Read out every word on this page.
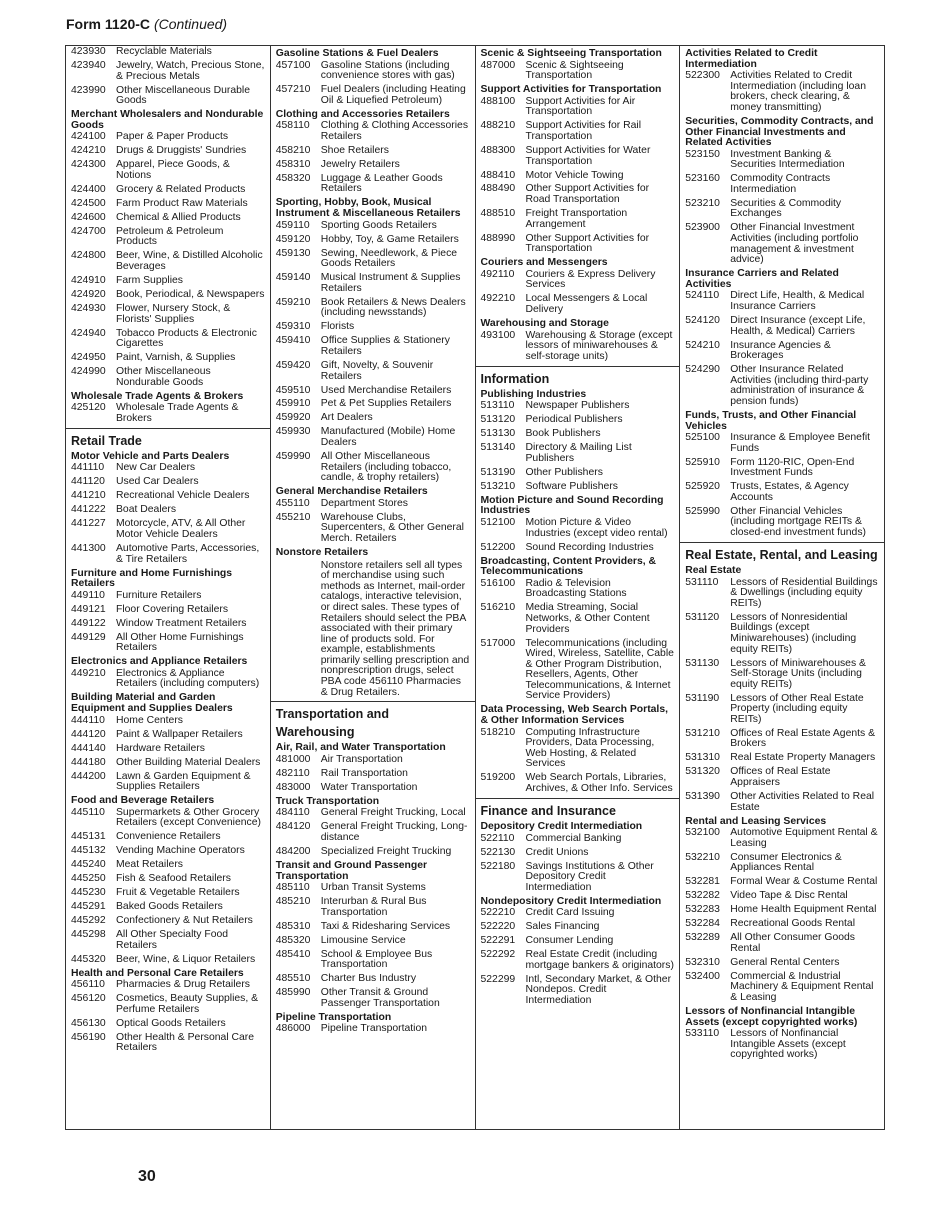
Form 1120-C (Continued)
423930 Recyclable Materials
423940 Jewelry, Watch, Precious Stone, & Precious Metals
423990 Other Miscellaneous Durable Goods
Merchant Wholesalers and Nondurable Goods
424100 Paper & Paper Products
424210 Drugs & Druggists' Sundries
424300 Apparel, Piece Goods, & Notions
424400 Grocery & Related Products
424500 Farm Product Raw Materials
424600 Chemical & Allied Products
424700 Petroleum & Petroleum Products
424800 Beer, Wine, & Distilled Alcoholic Beverages
424910 Farm Supplies
424920 Book, Periodical, & Newspapers
424930 Flower, Nursery Stock, & Florists' Supplies
424940 Tobacco Products & Electronic Cigarettes
424950 Paint, Varnish, & Supplies
424990 Other Miscellaneous Nondurable Goods
Wholesale Trade Agents & Brokers
425120 Wholesale Trade Agents & Brokers
Retail Trade
Motor Vehicle and Parts Dealers
441110	New Car Dealers
441120	Used Car Dealers
441210 Recreational Vehicle Dealers
441222 Boat Dealers
441227 Motorcycle, ATV, & All Other Motor Vehicle Dealers
441300 Automotive Parts, Accessories, & Tire Retailers
Furniture and Home Furnishings Retailers
449110	Furniture Retailers
449121 Floor Covering Retailers
449122 Window Treatment Retailers
449129 All Other Home Furnishings Retailers
Electronics and Appliance Retailers
449210 Electronics & Appliance Retailers (including computers)
Building Material and Garden Equipment and Supplies Dealers
444110	Home Centers
444120 Paint & Wallpaper Retailers
444140 Hardware Retailers
444180 Other Building Material Dealers
444200 Lawn & Garden Equipment & Supplies Retailers
Food and Beverage Retailers
445110	Supermarkets & Other Grocery Retailers (except Convenience)
445131 Convenience Retailers
445132 Vending Machine Operators
445240 Meat Retailers
445250 Fish & Seafood Retailers
445230 Fruit & Vegetable Retailers
445291 Baked Goods Retailers
445292 Confectionery & Nut Retailers
445298 All Other Specialty Food Retailers
445320 Beer, Wine, & Liquor Retailers
Health and Personal Care Retailers
456110	Pharmacies & Drug Retailers
456120 Cosmetics, Beauty Supplies, & Perfume Retailers
456130 Optical Goods Retailers
456190 Other Health & Personal Care Retailers
Gasoline Stations & Fuel Dealers
457100 Gasoline Stations (including convenience stores with gas)
457210 Fuel Dealers (including Heating Oil & Liquefied Petroleum)
Clothing and Accessories Retailers
458110	Clothing & Clothing Accessories Retailers
458210 Shoe Retailers
458310 Jewelry Retailers
458320 Luggage & Leather Goods Retailers
Sporting, Hobby, Book, Musical Instrument & Miscellaneous Retailers
459110	Sporting Goods Retailers
459120 Hobby, Toy, & Game Retailers
459130 Sewing, Needlework, & Piece Goods Retailers
459140 Musical Instrument & Supplies Retailers
459210 Book Retailers & News Dealers (including newsstands)
459310 Florists
459410 Office Supplies & Stationery Retailers
459420 Gift, Novelty, & Souvenir Retailers
459510 Used Merchandise Retailers
459910 Pet & Pet Supplies Retailers
459920 Art Dealers
459930 Manufactured (Mobile) Home Dealers
459990 All Other Miscellaneous Retailers (including tobacco, candle, & trophy retailers)
General Merchandise Retailers
455110	Department Stores
455210 Warehouse Clubs, Supercenters, & Other General Merch. Retailers
Nonstore Retailers
Nonstore retailers sell all types of merchandise using such methods as Internet, mail-order catalogs, interactive television, or direct sales. These types of Retailers should select the PBA associated with their primary line of products sold. For example, establishments primarily selling prescription and nonprescription drugs, select PBA code 456110 Pharmacies & Drug Retailers.
Transportation and Warehousing
Air, Rail, and Water Transportation
481000 Air Transportation
482110	Rail Transportation
483000 Water Transportation
Truck Transportation
484110	General Freight Trucking, Local
484120 General Freight Trucking, Long-distance
484200 Specialized Freight Trucking
Transit and Ground Passenger Transportation
485110	Urban Transit Systems
485210 Interurban & Rural Bus Transportation
485310 Taxi & Ridesharing Services
485320 Limousine Service
485410 School & Employee Bus Transportation
485510 Charter Bus Industry
485990 Other Transit & Ground Passenger Transportation
Pipeline Transportation
486000 Pipeline Transportation
Scenic & Sightseeing Transportation
487000 Scenic & Sightseeing Transportation
Support Activities for Transportation
488100 Support Activities for Air Transportation
488210 Support Activities for Rail Transportation
488300 Support Activities for Water Transportation
488410 Motor Vehicle Towing
488490 Other Support Activities for Road Transportation
488510 Freight Transportation Arrangement
488990 Other Support Activities for Transportation
Couriers and Messengers
492110	Couriers & Express Delivery Services
492210 Local Messengers & Local Delivery
Warehousing and Storage
493100 Warehousing & Storage (except lessors of miniwarehouses & self-storage units)
Information
Publishing Industries
513110	Newspaper Publishers
513120 Periodical Publishers
513130 Book Publishers
513140 Directory & Mailing List Publishers
513190 Other Publishers
513210 Software Publishers
Motion Picture and Sound Recording Industries
512100 Motion Picture & Video Industries (except video rental)
512200 Sound Recording Industries
Broadcasting, Content Providers, & Telecommunications
516100 Radio & Television Broadcasting Stations
516210 Media Streaming, Social Networks, & Other Content Providers
517000 Telecommunications (including Wired, Wireless, Satellite, Cable & Other Program Distribution, Resellers, Agents, Other Telecommunications, & Internet Service Providers)
Data Processing, Web Search Portals, & Other Information Services
518210 Computing Infrastructure Providers, Data Processing, Web Hosting, & Related Services
519200 Web Search Portals, Libraries, Archives, & Other Info. Services
Finance and Insurance
Depository Credit Intermediation
522110	Commercial Banking
522130 Credit Unions
522180 Savings Institutions & Other Depository Credit Intermediation
Nondepository Credit Intermediation
522210 Credit Card Issuing
522220 Sales Financing
522291 Consumer Lending
522292 Real Estate Credit (including mortgage bankers & originators)
522299 Intl, Secondary Market, & Other Nondepos. Credit Intermediation
Activities Related to Credit Intermediation
522300 Activities Related to Credit Intermediation (including loan brokers, check clearing, & money transmitting)
Securities, Commodity Contracts, and Other Financial Investments and Related Activities
523150 Investment Banking & Securities Intermediation
523160 Commodity Contracts Intermediation
523210 Securities & Commodity Exchanges
523900 Other Financial Investment Activities (including portfolio management & investment advice)
Insurance Carriers and Related Activities
524110	Direct Life, Health, & Medical Insurance Carriers
524120 Direct Insurance (except Life, Health, & Medical) Carriers
524210 Insurance Agencies & Brokerages
524290 Other Insurance Related Activities (including third-party administration of insurance & pension funds)
Funds, Trusts, and Other Financial Vehicles
525100 Insurance & Employee Benefit Funds
525910 Form 1120-RIC, Open-End Investment Funds
525920 Trusts, Estates, & Agency Accounts
525990 Other Financial Vehicles (including mortgage REITs & closed-end investment funds)
Real Estate, Rental, and Leasing
Real Estate
531110	Lessors of Residential Buildings & Dwellings (including equity REITs)
531120	Lessors of Nonresidential Buildings (except Miniwarehouses) (including equity REITs)
531130	Lessors of Miniwarehouses & Self-Storage Units (including equity REITs)
531190	Lessors of Other Real Estate Property (including equity REITs)
531210 Offices of Real Estate Agents & Brokers
531310 Real Estate Property Managers
531320 Offices of Real Estate Appraisers
531390 Other Activities Related to Real Estate
Rental and Leasing Services
532100 Automotive Equipment Rental & Leasing
532210 Consumer Electronics & Appliances Rental
532281 Formal Wear & Costume Rental
532282 Video Tape & Disc Rental
532283 Home Health Equipment Rental
532284 Recreational Goods Rental
532289 All Other Consumer Goods Rental
532310 General Rental Centers
532400 Commercial & Industrial Machinery & Equipment Rental & Leasing
Lessors of Nonfinancial Intangible Assets (except copyrighted works)
533110	Lessors of Nonfinancial Intangible Assets (except copyrighted works)
30
